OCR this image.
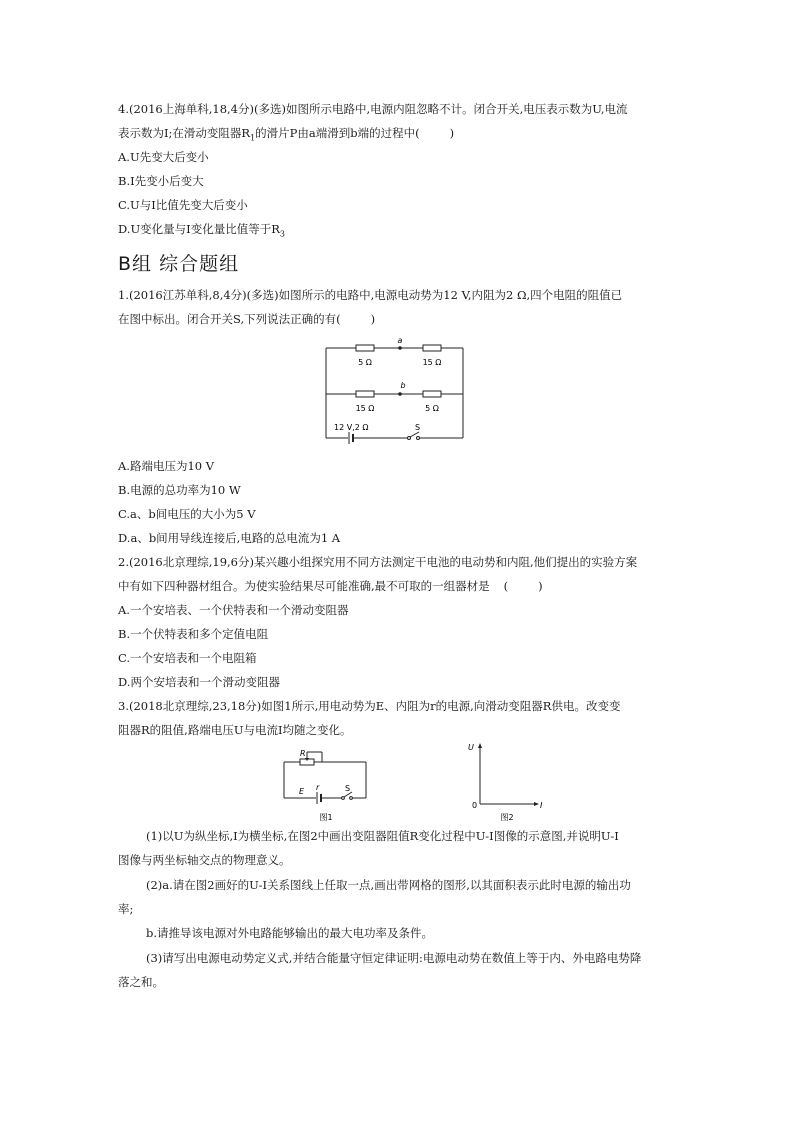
4.(2016上海单科,18,4分)(多选)如图所示电路中,电源内阻忽略不计。闭合开关,电压表示数为U,电流
表示数为I;在滑动变阻器$R_1$的滑片P由a端滑到b端的过程中(	)
A.U先变大后变小
B.I先变小后变大
C.U与I比值先变大后变小
D.U变化量与I变化量比值等于$R_3$
B组 综合题组
1.(2016江苏单科,8,4分)(多选)如图所示的电路中,电源电动势为12 V,内阻为2 Ω,四个电阻的阻值已
在图中标出。闭合开关S,下列说法正确的有(	)
a
b
5 Ω	15 Ω
15 Ω	5 Ω
12 V,2 Ω	S
A.路端电压为10 V
B.电源的总功率为10 W
C.a、b间电压的大小为5 V
D.a、b间用导线连接后,电路的总电流为1 A
2.(2016北京理综,19,6分)某兴趣小组探究用不同方法测定干电池的电动势和内阻,他们提出的实验方案
中有如下四种器材组合。为使实验结果尽可能准确,最不可取的一组器材是 (	)
A.一个安培表、一个伏特表和一个滑动变阻器
B.一个伏特表和多个定值电阻
C.一个安培表和一个电阻箱
D.两个安培表和一个滑动变阻器
3.(2018北京理综,23,18分)如图1所示,用电动势为E、内阻为r的电源,向滑动变阻器R供电。改变变
阻器R的阻值,路端电压U与电流I均随之变化。
R
E r	S
图1
U
0	I
图2
(1)以U为纵坐标,I为横坐标,在图2中画出变阻器阻值R变化过程中U-I图像的示意图,并说明U-I
图像与两坐标轴交点的物理意义。
(2)a.请在图2画好的U-I关系图线上任取一点,画出带网格的图形,以其面积表示此时电源的输出功
率;
b.请推导该电源对外电路能够输出的最大电功率及条件。
(3)请写出电源电动势定义式,并结合能量守恒定律证明:电源电动势在数值上等于内、外电路电势降
落之和。
